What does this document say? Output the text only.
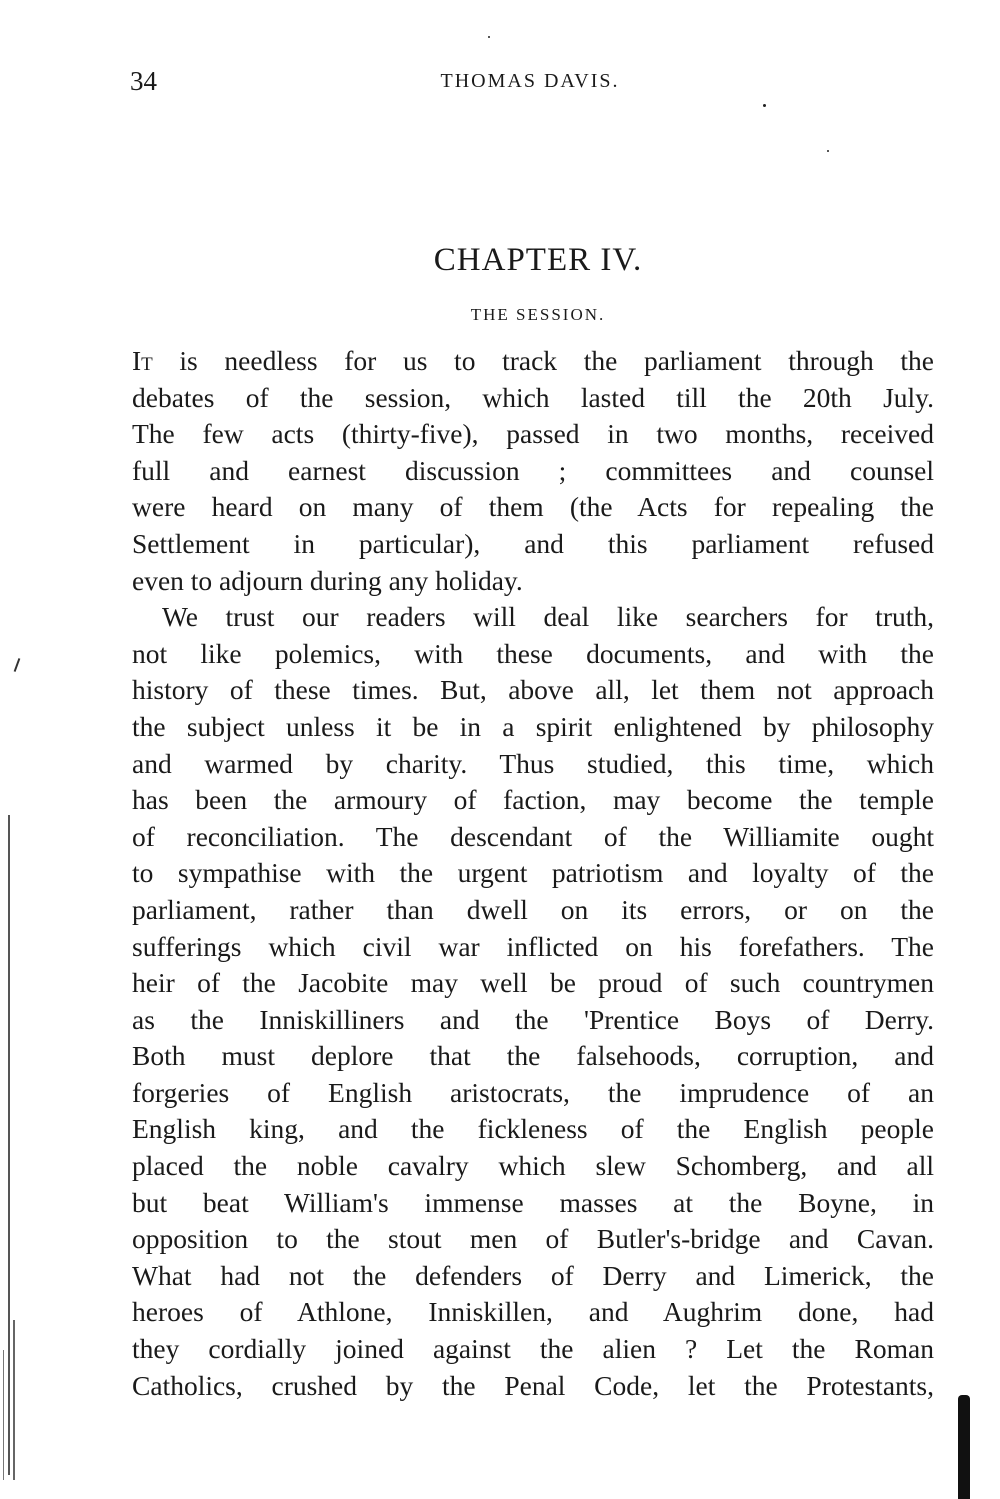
34	THOMAS DAVIS.
CHAPTER IV.
THE SESSION.
It is needless for us to track the parliament through the
debates of the session, which lasted till the 20th July.
The few acts (thirty-five), passed in two months, received
full and earnest discussion ; committees and counsel
were heard on many of them (the Acts for repealing the
Settlement in particular), and this parliament refused
even to adjourn during any holiday.
We trust our readers will deal like searchers for truth,
not like polemics, with these documents, and with the
history of these times. But, above all, let them not approach
the subject unless it be in a spirit enlightened by philosophy
and warmed by charity. Thus studied, this time, which
has been the armoury of faction, may become the temple
of reconciliation. The descendant of the Williamite ought
to sympathise with the urgent patriotism and loyalty of the
parliament, rather than dwell on its errors, or on the
sufferings which civil war inflicted on his forefathers. The
heir of the Jacobite may well be proud of such countrymen
as the Inniskilliners and the 'Prentice Boys of Derry.
Both must deplore that the falsehoods, corruption, and
forgeries of English aristocrats, the imprudence of an
English king, and the fickleness of the English people
placed the noble cavalry which slew Schomberg, and all
but beat William's immense masses at the Boyne, in
opposition to the stout men of Butler's-bridge and Cavan.
What had not the defenders of Derry and Limerick, the
heroes of Athlone, Inniskillen, and Aughrim done, had
they cordially joined against the alien ? Let the Roman
Catholics, crushed by the Penal Code, let the Protestants,
